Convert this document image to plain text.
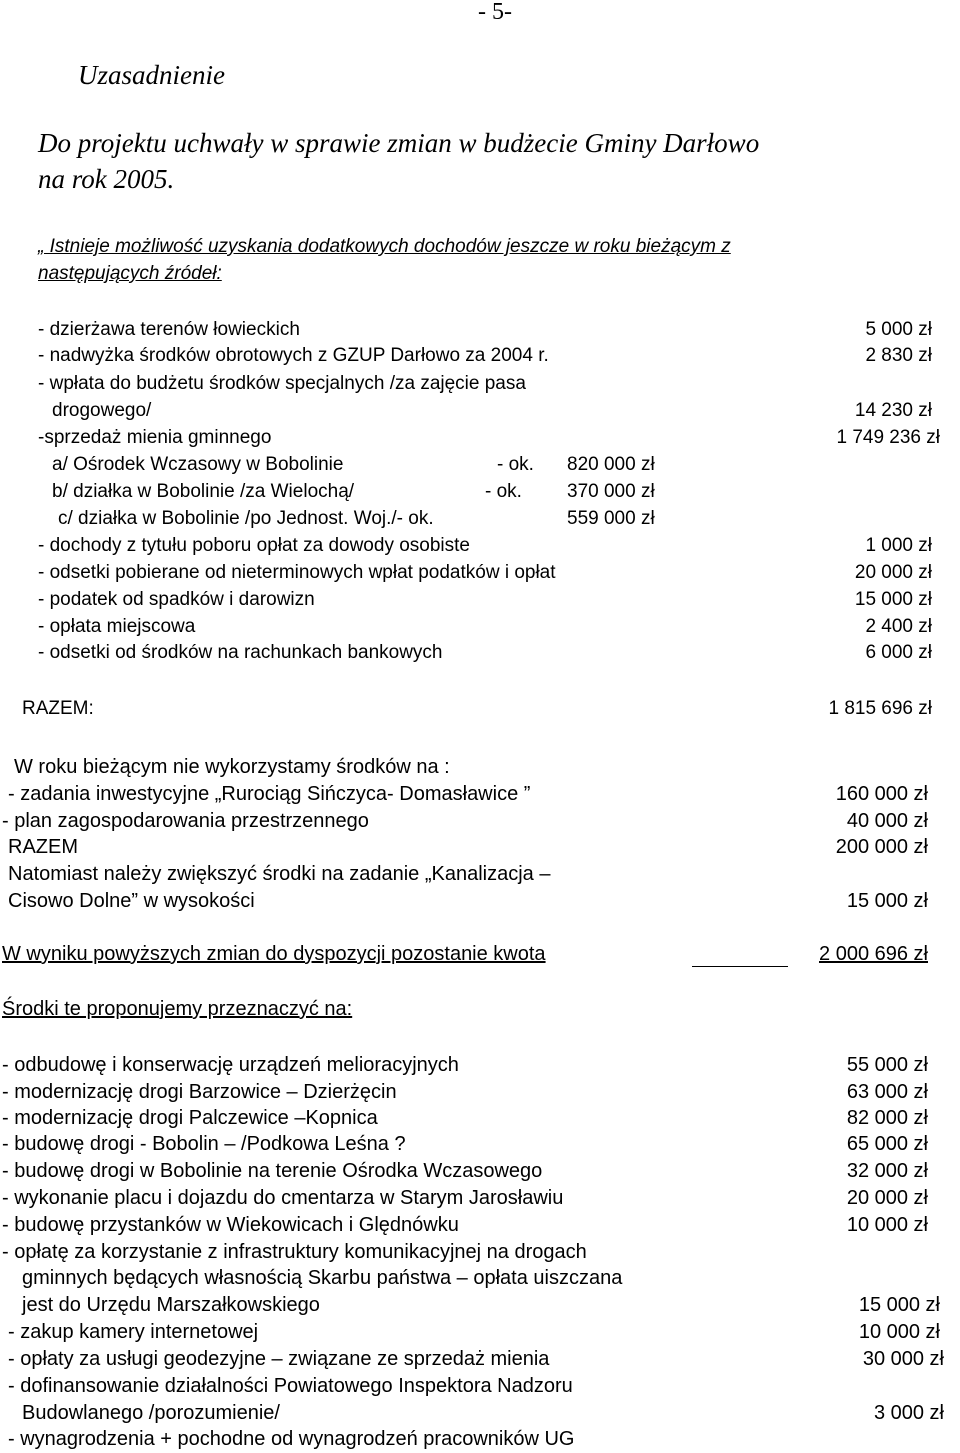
- 5-
Uzasadnienie
Do projektu uchwały w sprawie zmian w budżecie Gminy Darłowo
na rok 2005.
„ Istnieje możliwość uzyskania dodatkowych dochodów jeszcze w roku bieżącym z
następujących źródeł:
- dzierżawa terenów łowieckich	5 000 zł
- nadwyżka środków obrotowych z GZUP Darłowo za 2004 r.	2 830 zł
- wpłata do budżetu środków specjalnych /za zajęcie pasa
drogowego/	14 230 zł
-sprzedaż mienia gminnego	1 749 236 zł
a/ Ośrodek Wczasowy w Bobolinie	- ok. 820 000 zł
b/ działka w Bobolinie /za Wielochą/	- ok. 370 000 zł
c/ działka w Bobolinie /po Jednost. Woj./- ok.	559 000 zł
- dochody z tytułu poboru opłat za dowody osobiste	1 000 zł
- odsetki pobierane od nieterminowych wpłat podatków i opłat	20 000 zł
- podatek od spadków i darowizn	15 000 zł
- opłata miejscowa	2 400 zł
- odsetki od środków na rachunkach bankowych	6 000 zł
RAZEM:	1 815 696 zł
W roku bieżącym nie wykorzystamy środków na :
- zadania inwestycyjne „Rurociąg Sińczyca- Domasławice ”	160 000 zł
- plan zagospodarowania przestrzennego	40 000 zł
RAZEM	200 000 zł
Natomiast należy zwiększyć środki na zadanie „Kanalizacja –
Cisowo Dolne” w wysokości	15 000 zł
W wyniku powyższych zmian do dyspozycji pozostanie kwota	2 000 696 zł
Środki te proponujemy przeznaczyć na:
- odbudowę i konserwację urządzeń melioracyjnych	55 000 zł
- modernizację drogi Barzowice – Dzierżęcin	63 000 zł
- modernizację drogi Palczewice –Kopnica	82 000 zł
- budowę drogi - Bobolin – /Podkowa Leśna ?	65 000 zł
- budowę drogi w Bobolinie na terenie Ośrodka Wczasowego	32 000 zł
- wykonanie placu i dojazdu do cmentarza w Starym Jarosławiu	20 000 zł
- budowę przystanków w Wiekowicach i Ględnówku	10 000 zł
- opłatę za korzystanie z infrastruktury komunikacyjnej na drogach
gminnych będących własnością Skarbu państwa – opłata uiszczana
jest do Urzędu Marszałkowskiego	15 000 zł
- zakup kamery internetowej	10 000 zł
- opłaty za usługi geodezyjne – związane ze sprzedaż mienia	30 000 zł
- dofinansowanie działalności Powiatowego Inspektora Nadzoru
Budowlanego /porozumienie/	3 000 zł
- wynagrodzenia + pochodne od wynagrodzeń pracowników UG
